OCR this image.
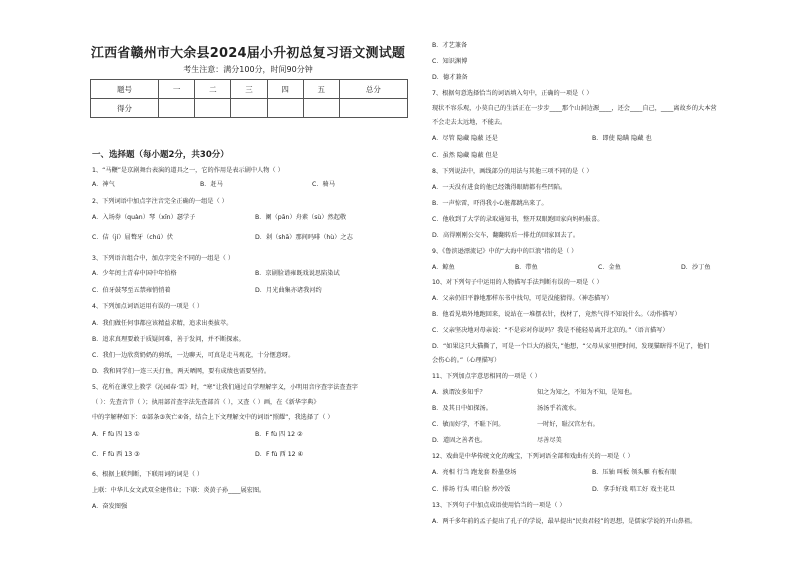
江西省赣州市大余县2024届小升初总复习语文测试题
考生注意：满分100分，时间90分钟
题号	一	二	三	四	五	总分
得分						
一、选择题（每小题2分，共30分）
1、“马鞭”是京剧舞台表演的道具之一，它的作用是表示剧中人物（ ）
A．神气	B．赶马	C．骑马
2、下列词语中加点字注音完全正确的一组是（ ）
A．入场券（quàn）琴（xīn）瑟学子	B．阑（pān）舟素（sù）然起敬
C．佶（jí）屈聱牙（chú）伏	D．剁（shā）那间吗啡（hù）之志
3、下列语言组合中，加点字完全不同的一组是（ ）
A．少年闰土青春中国中年怕格	B．京剧脸谱雍既戏说思陷染试
C．伯牙鼓琴至五禁雍悄悄着	D．月光曲集亦诸我河约
4、下列加点词语运用有误的一项是（ ）
A．我们做任何事都应该精益求精，追求出类拔萃。
B．追求真理要敢于质疑问难，善于发问，并不断探索。
C．我们一边欣赏奶奶的剪纸，一边聊天，可真是走马观花，十分惬意呀。
D．我和同学们一连三天打鱼，两天晒网，要有成绩也需要坚持。
5、花所在课堂上教学《沁园春·雪》时，“寒”让我们通过自学理解字义，小明用音序查字法查查字
（ ）：先查音节（ ）；执用部首查字法先查部首（ ），又查（ ）画，在《新华字典》
中的字解释如下：①部条③灰亡④备，结合上下文理解文中的词语“照耀”，我选择了（ ）
A．F fù 四 13 ①	B．F fù 四 12 ②
C．F fù 西 13 ③	D．F fù 西 12 ④
6、根据上联判断，下联用词的词是（ ）
上联：中华儿女文武双全建伟业；下联：炎黄子孙____展宏图。
A．奋发图强
B．才艺兼备
C．知识渊博
D．德才兼备
7、根据句意选择恰当的词语填入句中，正确的一项是（ ）
现状不容乐观，小莫自己的生活正在一步步____那个山洞边源____，还会____自己，____离故乡的大本营
不会走去太远地，不能去。
A．尽管 隐藏 隐蔽 还是	B．即使 隐瞒 隐藏 也
C．虽然 隐藏 隐蔽 但是
8、下列说法中，画线部分的用法与其他三项不同的是（ ）
A．一天没有进食的他已经饿得眼睛都有些凹陷。
B．一声惊雷，吓得我小心脏都跳出来了。
C．他收到了大学的录取通知书，整开双眼跑回家向妈妈报喜。
D．高得刚刚公交车，翻翻转后一排灶的回家回去了。
9、《鲁滨逊漂流记》中的“大海中的巨浪”指的是（ ）
A．鲸鱼	B．带鱼	C．金鱼	D．沙丁鱼
10、对下列句子中运用的人物描写手法判断有误的一项是（ ）
A．父亲仍旧平静地那样东书中找句，可是没能猜得。（神态描写）
B．他看见墙外地跑回来，说站在一堆摆衣针，找材了，竟然气得不知说什么。（动作描写）
C．父亲坚决地对母亲说：“不是彩对你说吗？我是不能轻易离开北京的。”（语言描写）
D．“如果这只大猫撕了，可是一个巨大的损失，”他想，“父母从家里把时间，发现猫瞎得不见了，他们
会伤心的。”（心理描写）
11、下列加点字意思相同的一项是（ ）
A．孰谓汝多知乎？	知之为知之，不知为不知，是知也。
B．及其日中如探汤。	汤汤乎若流水。
C．敏而好学，不耻下问。	一时好，耻汉宫左右。
D．道固之善者也。	尽善尽美
12、戏曲是中华传统文化的瑰宝，下列词语全部和戏曲有关的一项是（ ）
A．亮相 行当 跑龙套 粉墨登场	B．压轴 叫板 领头雁 有板有眼
C．排场 行头 唱白脸 炒冷饭	D．拿手好戏 唱工好 戏主花旦
13、下列句子中加点成语使用恰当的一项是（ ）
A．两千多年前的孟子提出了孔子的学说，最早提出“民贵君轻”的思想，是儒家学说的开山鼻祖。
